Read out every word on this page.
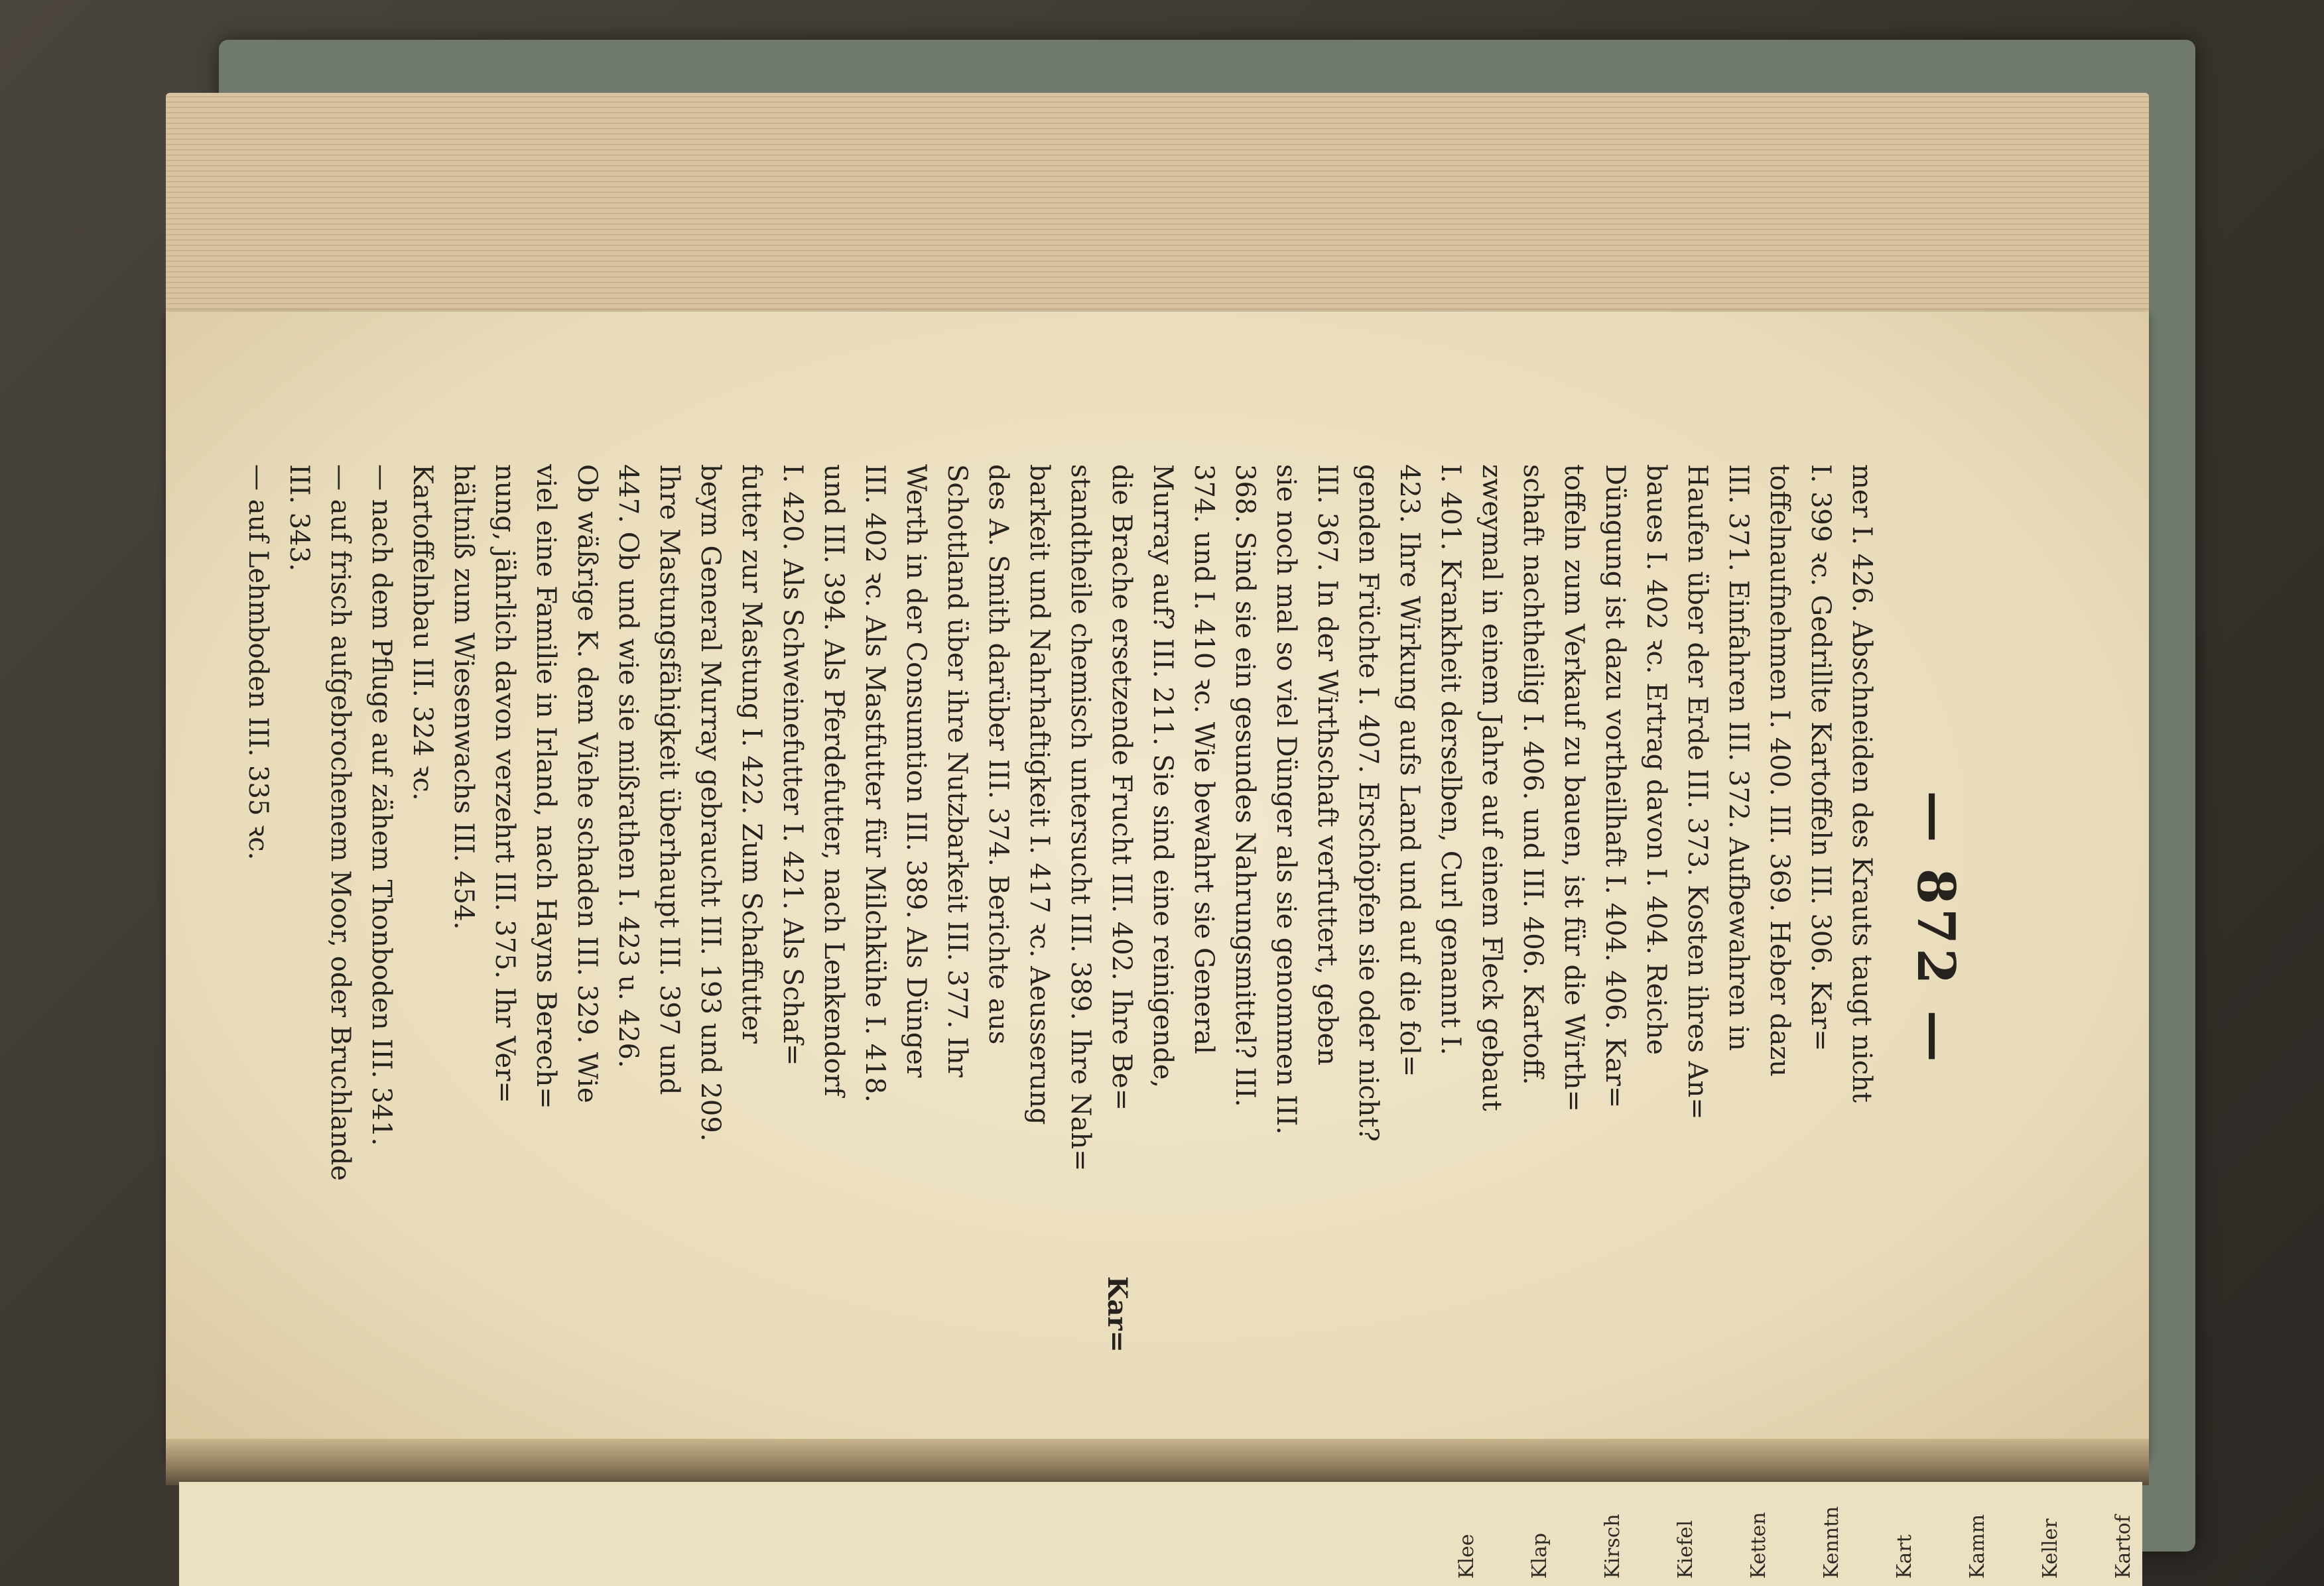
Kartof
Keller
Kamm
Kart
Kenntn
Ketten
Kiefel
Kirsch
Klap
Klee
— 872 —
mer I. 426. Abschneiden des Krauts taugt nicht
I. 399 ꝛc. Gedrillte Kartoffeln III. 306. Kar=
toffelnaufnehmen I. 400. III. 369. Heber dazu
III. 371. Einfahren III. 372. Aufbewahren in
Haufen über der Erde III. 373. Kosten ihres An=
baues I. 402 ꝛc. Ertrag davon I. 404. Reiche
Düngung ist dazu vortheilhaft I. 404. 406. Kar=
toffeln zum Verkauf zu bauen, ist für die Wirth=
schaft nachtheilig I. 406. und III. 406. Kartoff.
zweymal in einem Jahre auf einem Fleck gebaut
I. 401. Krankheit derselben, Curl genannt I.
423. Ihre Wirkung aufs Land und auf die fol=
genden Früchte I. 407. Erschöpfen sie oder nicht?
III. 367. In der Wirthschaft verfuttert, geben
sie noch mal so viel Dünger als sie genommen III.
368. Sind sie ein gesundes Nahrungsmittel? III.
374. und I. 410 ꝛc. Wie bewahrt sie General
Murray auf? III. 211. Sie sind eine reinigende,
die Brache ersetzende Frucht III. 402. Ihre Be=
standtheile chemisch untersucht III. 389. Ihre Nah=
barkeit und Nahrhaftigkeit I. 417 ꝛc. Aeusserung
des A. Smith darüber III. 374. Berichte aus
Schottland über ihre Nutzbarkeit III. 377. Ihr
Werth in der Consumtion III. 389. Als Dünger
III. 402 ꝛc. Als Mastfutter für Milchkühe I. 418.
und III. 394. Als Pferdefutter, nach Lenkendorf
I. 420. Als Schweinefutter I. 421. Als Schaf=
futter zur Mastung I. 422. Zum Schaffutter
beym General Murray gebraucht III. 193 und 209.
Ihre Mastungsfähigkeit überhaupt III. 397 und
447. Ob und wie sie mißrathen I. 423 u. 426.
Ob wäßrige K. dem Viehe schaden III. 329. Wie
viel eine Familie in Irland, nach Hayns Berech=
nung, jährlich davon verzehrt III. 375. Ihr Ver=
hältniß zum Wiesenwachs III. 454.
Kartoffelnbau III. 324 ꝛc.
— nach dem Pfluge auf zähem Thonboden III. 341.
— auf frisch aufgebrochenem Moor, oder Bruchlande
III. 343.
— auf Lehmboden III. 335 ꝛc.
Kar=
